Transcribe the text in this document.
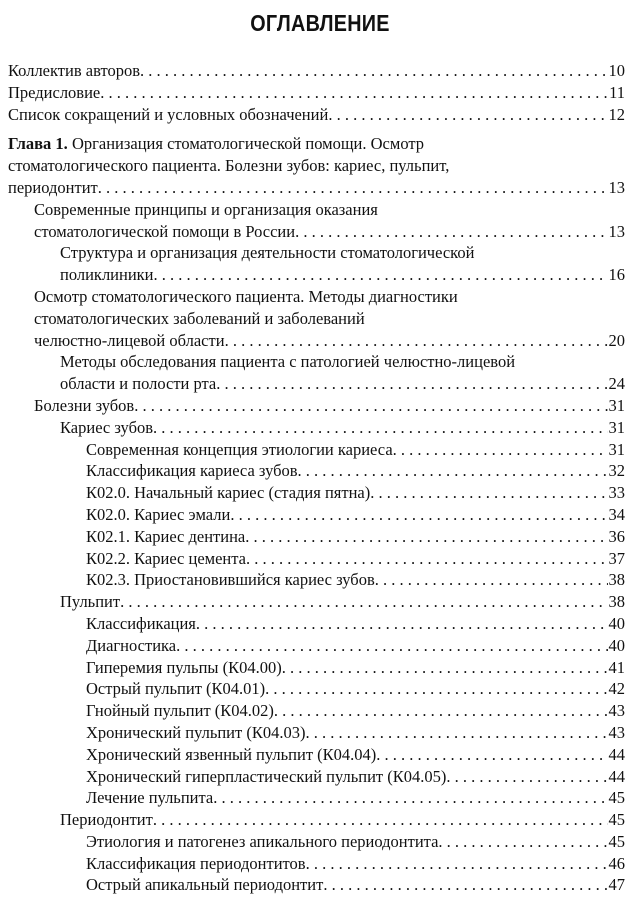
ОГЛАВЛЕНИЕ
Коллектив авторов . . .	10
Предисловие . . .	11
Список сокращений и условных обозначений . . .	12
Глава 1. Организация стоматологической помощи. Осмотр
стоматологического пациента. Болезни зубов: кариес, пульпит,
периодонтит . . .	13
Современные принципы и организация оказания
стоматологической помощи в России . . .	13
Структура и организация деятельности стоматологической
поликлиники . . .	16
Осмотр стоматологического пациента. Методы диагностики
стоматологических заболеваний и заболеваний
челюстно-лицевой области . . .	20
Методы обследования пациента с патологией челюстно-лицевой
области и полости рта . . .	24
Болезни зубов . . .	31
Кариес зубов . . .	31
Современная концепция этиологии кариеса . . .	31
Классификация кариеса зубов . . .	32
К02.0. Начальный кариес (стадия пятна) . . .	33
К02.0. Кариес эмали . . .	34
К02.1. Кариес дентина . . .	36
К02.2. Кариес цемента . . .	37
К02.3. Приостановившийся кариес зубов . . .	38
Пульпит . . .	38
Классификация . . .	40
Диагностика . . .	40
Гиперемия пульпы (К04.00) . . .	41
Острый пульпит (К04.01) . . .	42
Гнойный пульпит (К04.02) . . .	43
Хронический пульпит (К04.03) . . .	43
Хронический язвенный пульпит (К04.04) . . .	44
Хронический гиперпластический пульпит (К04.05) . . .	44
Лечение пульпита . . .	45
Периодонтит . . .	45
Этиология и патогенез апикального периодонтита . . .	45
Классификация периодонтитов . . .	46
Острый апикальный периодонтит . . .	47
